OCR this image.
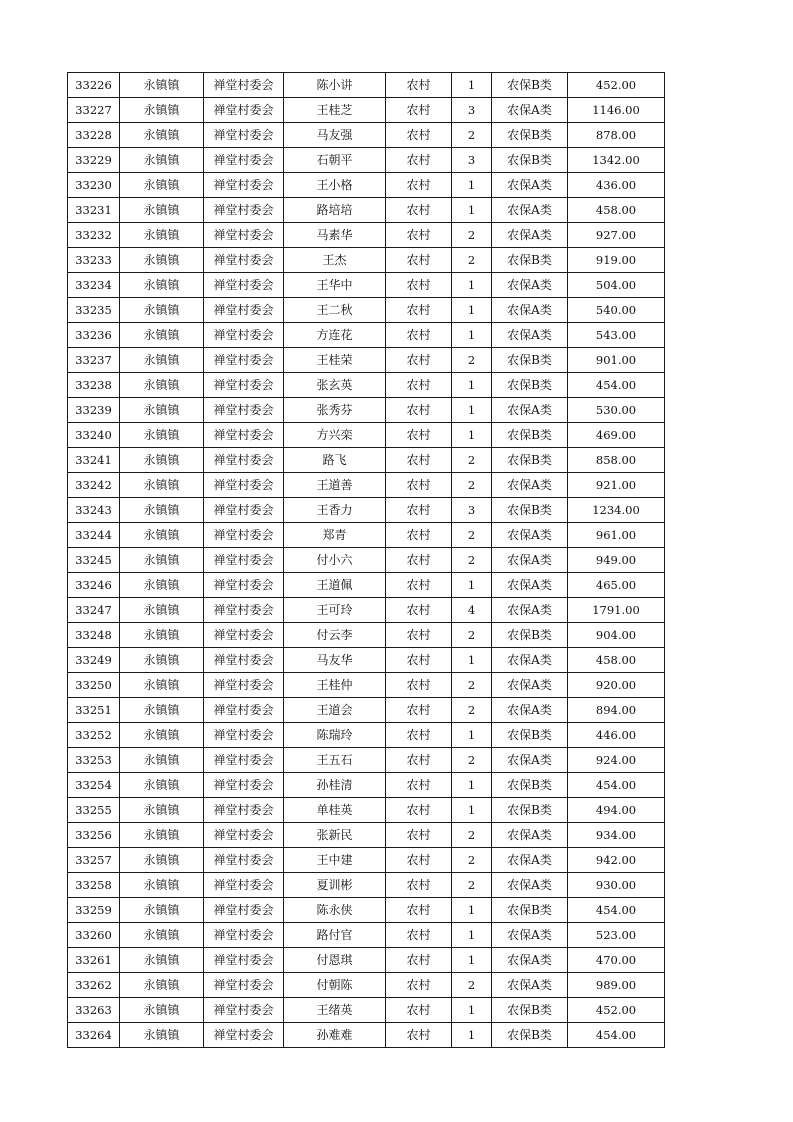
33226	永镇镇	禅堂村委会	陈小讲	农村	1	农保B类	452.00
33227	永镇镇	禅堂村委会	王桂芝	农村	3	农保A类	1146.00
33228	永镇镇	禅堂村委会	马友强	农村	2	农保B类	878.00
33229	永镇镇	禅堂村委会	石朝平	农村	3	农保B类	1342.00
33230	永镇镇	禅堂村委会	王小格	农村	1	农保A类	436.00
33231	永镇镇	禅堂村委会	路培培	农村	1	农保A类	458.00
33232	永镇镇	禅堂村委会	马素华	农村	2	农保A类	927.00
33233	永镇镇	禅堂村委会	王杰	农村	2	农保B类	919.00
33234	永镇镇	禅堂村委会	王华中	农村	1	农保A类	504.00
33235	永镇镇	禅堂村委会	王二秋	农村	1	农保A类	540.00
33236	永镇镇	禅堂村委会	方连花	农村	1	农保A类	543.00
33237	永镇镇	禅堂村委会	王桂荣	农村	2	农保B类	901.00
33238	永镇镇	禅堂村委会	张玄英	农村	1	农保B类	454.00
33239	永镇镇	禅堂村委会	张秀芬	农村	1	农保A类	530.00
33240	永镇镇	禅堂村委会	方兴栾	农村	1	农保B类	469.00
33241	永镇镇	禅堂村委会	路飞	农村	2	农保B类	858.00
33242	永镇镇	禅堂村委会	王道善	农村	2	农保A类	921.00
33243	永镇镇	禅堂村委会	王香力	农村	3	农保B类	1234.00
33244	永镇镇	禅堂村委会	郑青	农村	2	农保A类	961.00
33245	永镇镇	禅堂村委会	付小六	农村	2	农保A类	949.00
33246	永镇镇	禅堂村委会	王道佩	农村	1	农保A类	465.00
33247	永镇镇	禅堂村委会	王可玲	农村	4	农保A类	1791.00
33248	永镇镇	禅堂村委会	付云李	农村	2	农保B类	904.00
33249	永镇镇	禅堂村委会	马友华	农村	1	农保A类	458.00
33250	永镇镇	禅堂村委会	王桂仲	农村	2	农保A类	920.00
33251	永镇镇	禅堂村委会	王道会	农村	2	农保A类	894.00
33252	永镇镇	禅堂村委会	陈瑞玲	农村	1	农保B类	446.00
33253	永镇镇	禅堂村委会	王五石	农村	2	农保A类	924.00
33254	永镇镇	禅堂村委会	孙桂清	农村	1	农保B类	454.00
33255	永镇镇	禅堂村委会	单桂英	农村	1	农保B类	494.00
33256	永镇镇	禅堂村委会	张新民	农村	2	农保A类	934.00
33257	永镇镇	禅堂村委会	王中建	农村	2	农保A类	942.00
33258	永镇镇	禅堂村委会	夏训彬	农村	2	农保A类	930.00
33259	永镇镇	禅堂村委会	陈永侠	农村	1	农保B类	454.00
33260	永镇镇	禅堂村委会	路付官	农村	1	农保A类	523.00
33261	永镇镇	禅堂村委会	付恩琪	农村	1	农保A类	470.00
33262	永镇镇	禅堂村委会	付朝陈	农村	2	农保A类	989.00
33263	永镇镇	禅堂村委会	王绪英	农村	1	农保B类	452.00
33264	永镇镇	禅堂村委会	孙难难	农村	1	农保B类	454.00
